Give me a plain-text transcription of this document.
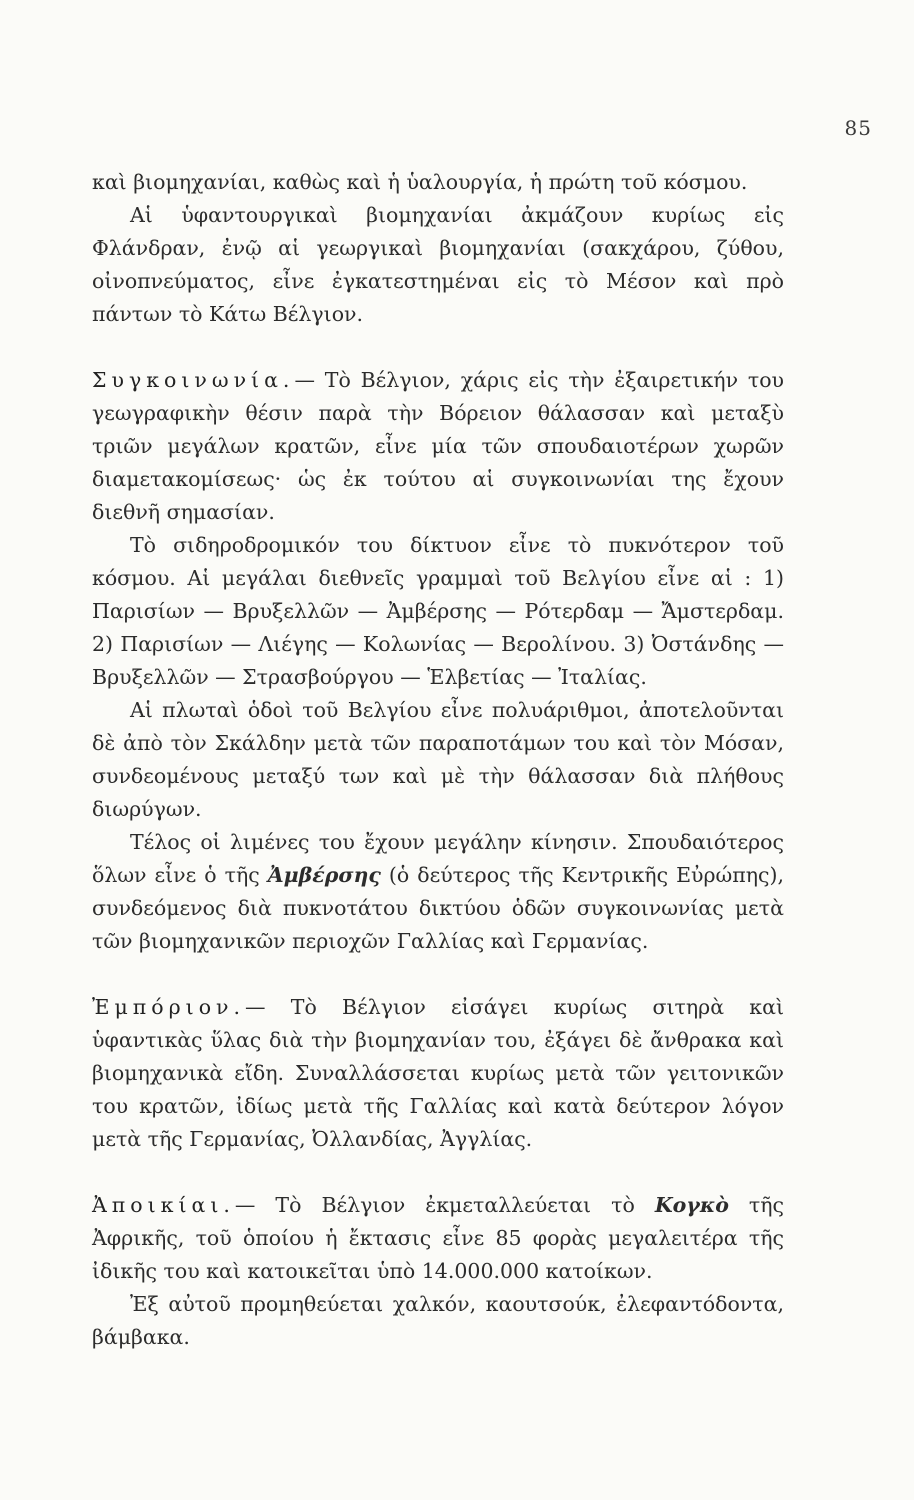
85

καὶ βιομηχανίαι, καθὼς καὶ ἡ ὑαλουργία, ἡ πρώτη τοῦ κόσμου.

Αἱ ὑφαντουργικαὶ βιομηχανίαι ἀκμάζουν κυρίως εἰς Φλάνδραν, ἐνῷ αἱ γεωργικαὶ βιομηχανίαι (σακχάρου, ζύθου, οἰνοπνεύματος, εἶνε ἐγκατεστημέναι εἰς τὸ Μέσον καὶ πρὸ πάντων τὸ Κάτω Βέλγιον.

Συγκοινωνία.— Τὸ Βέλγιον, χάρις εἰς τὴν ἐξαιρετικήν του γεωγραφικὴν θέσιν παρὰ τὴν Βόρειον θάλασσαν καὶ μεταξὺ τριῶν μεγάλων κρατῶν, εἶνε μία τῶν σπουδαιοτέρων χωρῶν διαμετακομίσεως· ὡς ἐκ τούτου αἱ συγκοινωνίαι της ἔχουν διεθνῆ σημασίαν.

Τὸ σιδηροδρομικόν του δίκτυον εἶνε τὸ πυκνότερον τοῦ κόσμου. Αἱ μεγάλαι διεθνεῖς γραμμαὶ τοῦ Βελγίου εἶνε αἱ : 1) Παρισίων — Βρυξελλῶν — Ἀμβέρσης — Ρότερδαμ — Ἄμστερδαμ. 2) Παρισίων — Λιέγης — Κολωνίας — Βερολίνου. 3) Ὀστάνδης — Βρυξελλῶν — Στρασβούργου — Ἑλβετίας — Ἰταλίας.

Αἱ πλωταὶ ὁδοὶ τοῦ Βελγίου εἶνε πολυάριθμοι, ἀποτελοῦνται δὲ ἀπὸ τὸν Σκάλδην μετὰ τῶν παραποτάμων του καὶ τὸν Μόσαν, συνδεομένους μεταξύ των καὶ μὲ τὴν θάλασσαν διὰ πλήθους διωρύγων.

Τέλος οἱ λιμένες του ἔχουν μεγάλην κίνησιν. Σπουδαιότερος ὅλων εἶνε ὁ τῆς Ἀμβέρσης (ὁ δεύτερος τῆς Κεντρικῆς Εὐρώπης), συνδεόμενος διὰ πυκνοτάτου δικτύου ὁδῶν συγκοινωνίας μετὰ τῶν βιομηχανικῶν περιοχῶν Γαλλίας καὶ Γερμανίας.

Ἐμπόριον.— Τὸ Βέλγιον εἰσάγει κυρίως σιτηρὰ καὶ ὑφαντικὰς ὕλας διὰ τὴν βιομηχανίαν του, ἐξάγει δὲ ἄνθρακα καὶ βιομηχανικὰ εἴδη. Συναλλάσσεται κυρίως μετὰ τῶν γειτονικῶν του κρατῶν, ἰδίως μετὰ τῆς Γαλλίας καὶ κατὰ δεύτερον λόγον μετὰ τῆς Γερμανίας, Ὀλλανδίας, Ἀγγλίας.

Ἀποικίαι.— Τὸ Βέλγιον ἐκμεταλλεύεται τὸ Κογκὸ τῆς Ἀφρικῆς, τοῦ ὁποίου ἡ ἔκτασις εἶνε 85 φορὰς μεγαλειτέρα τῆς ἰδικῆς του καὶ κατοικεῖται ὑπὸ 14.000.000 κατοίκων.

Ἐξ αὐτοῦ προμηθεύεται χαλκόν, καουτσούκ, ἐλεφαντόδοντα, βάμβακα.
